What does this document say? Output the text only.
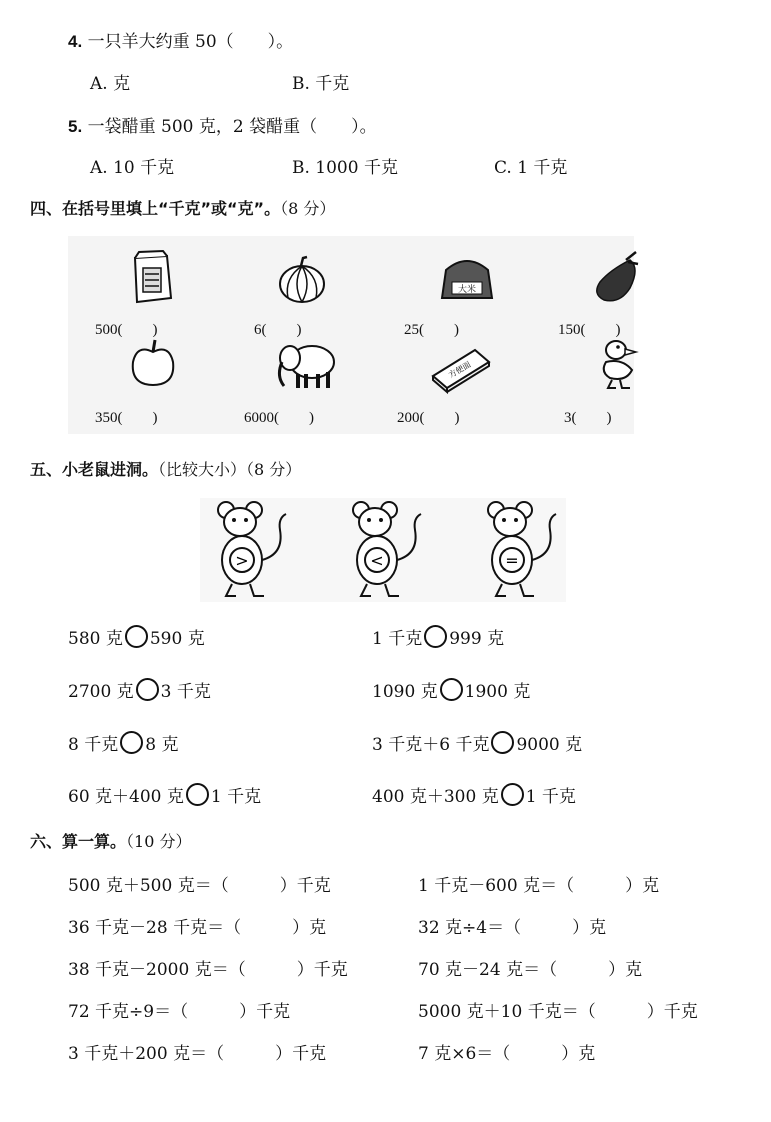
4. 一只羊大约重 50（　　）。
A. 克	B. 千克
5. 一袋醋重 500 克，2 袋醋重（　　）。
A. 10 千克	B. 1000 千克	C. 1 千克
四、在括号里填上“千克”或“克”。（8 分）
500(　　)	6(　　)
大米
25(　　)	150(　　)
350(　　)	6000(　　)
方便面
200(　　)	3(　　)
五、小老鼠进洞。（比较大小）（8 分）
>	<	=
580 克 590 克	1 千克 999 克
2700 克 3 千克	1090 克 1900 克
8 千克 8 克	3 千克＋6 千克 9000 克
60 克＋400 克 1 千克	400 克＋300 克 1 千克
六、算一算。（10 分）
500 克＋500 克＝（　　　）千克	1 千克－600 克＝（　　　）克
36 千克－28 千克＝（　　　）克	32 克÷4＝（　　　）克
38 千克－2000 克＝（　　　）千克	70 克－24 克＝（　　　）克
72 千克÷9＝（　　　）千克	5000 克＋10 千克＝（　　　）千克
3 千克＋200 克＝（　　　）千克	7 克×6＝（　　　）克
